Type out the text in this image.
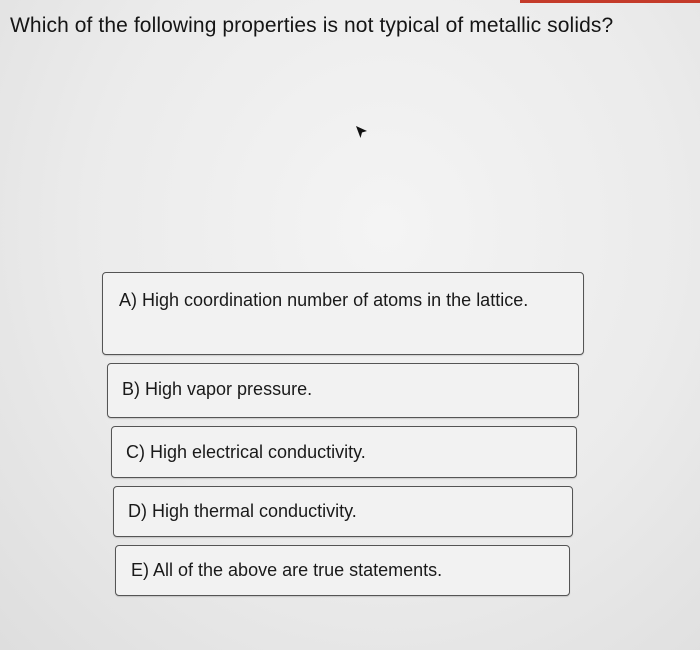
Which of the following properties is not typical of metallic solids?
A) High coordination number of atoms in the lattice.
B) High vapor pressure.
C) High electrical conductivity.
D) High thermal conductivity.
E) All of the above are true statements.
